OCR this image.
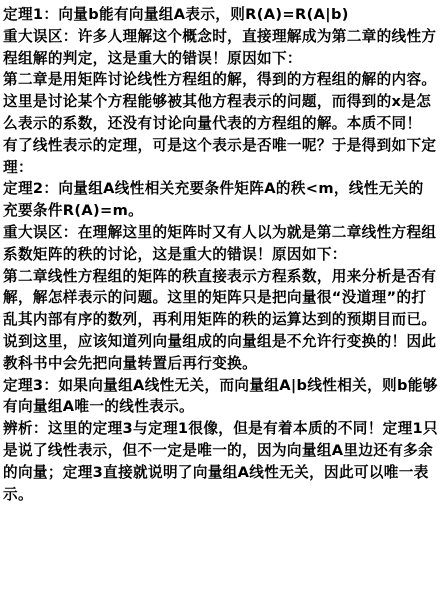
定理1：向量b能有向量组A表示，则R(A)=R(A|b)

重大误区：许多人理解这个概念时，直接理解成为第二章的线性方程组解的判定，这是重大的错误！原因如下：

第二章是用矩阵讨论线性方程组的解，得到的方程组的解的内容。这里是讨论某个方程能够被其他方程表示的问题，而得到的x是怎么表示的系数，还没有讨论向量代表的方程组的解。本质不同！

有了线性表示的定理，可是这个表示是否唯一呢？于是得到如下定理：

定理2：向量组A线性相关充要条件矩阵A的秩<m，线性无关的充要条件R(A)=m。

重大误区：在理解这里的矩阵时又有人以为就是第二章线性方程组系数矩阵的秩的讨论，这是重大的错误！原因如下：

第二章线性方程组的矩阵的秩直接表示方程系数，用来分析是否有解，解怎样表示的问题。这里的矩阵只是把向量很“没道理”的打乱其内部有序的数列，再利用矩阵的秩的运算达到的预期目而已。

说到这里，应该知道列向量组成的向量组是不允许行变换的！因此教科书中会先把向量转置后再行变换。

定理3：如果向量组A线性无关，而向量组A|b线性相关，则b能够有向量组A唯一的线性表示。

辨析：这里的定理3与定理1很像，但是有着本质的不同！定理1只是说了线性表示，但不一定是唯一的，因为向量组A里边还有多余的向量；定理3直接就说明了向量组A线性无关，因此可以唯一表示。
